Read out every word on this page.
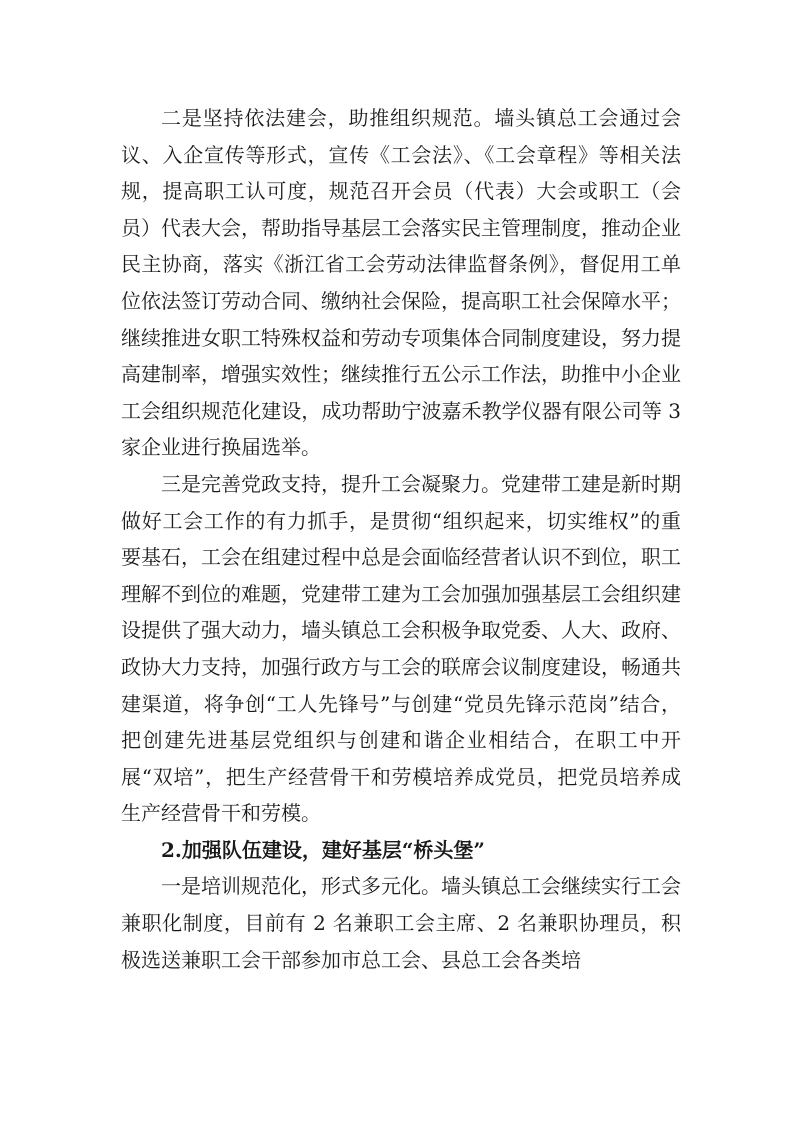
二是坚持依法建会，助推组织规范。墙头镇总工会通过会议、入企宣传等形式，宣传《工会法》、《工会章程》等相关法规，提高职工认可度，规范召开会员（代表）大会或职工（会员）代表大会，帮助指导基层工会落实民主管理制度，推动企业民主协商，落实《浙江省工会劳动法律监督条例》，督促用工单位依法签订劳动合同、缴纳社会保险，提高职工社会保障水平；继续推进女职工特殊权益和劳动专项集体合同制度建设，努力提高建制率，增强实效性；继续推行五公示工作法，助推中小企业工会组织规范化建设，成功帮助宁波嘉禾教学仪器有限公司等 3 家企业进行换届选举。

三是完善党政支持，提升工会凝聚力。党建带工建是新时期做好工会工作的有力抓手，是贯彻“组织起来，切实维权”的重要基石，工会在组建过程中总是会面临经营者认识不到位，职工理解不到位的难题，党建带工建为工会加强加强基层工会组织建设提供了强大动力，墙头镇总工会积极争取党委、人大、政府、政协大力支持，加强行政方与工会的联席会议制度建设，畅通共建渠道，将争创“工人先锋号”与创建“党员先锋示范岗”结合，把创建先进基层党组织与创建和谐企业相结合，在职工中开展“双培”，把生产经营骨干和劳模培养成党员，把党员培养成生产经营骨干和劳模。

2.加强队伍建设，建好基层“桥头堡”

一是培训规范化，形式多元化。墙头镇总工会继续实行工会兼职化制度，目前有 2 名兼职工会主席、2 名兼职协理员，积极选送兼职工会干部参加市总工会、县总工会各类培
